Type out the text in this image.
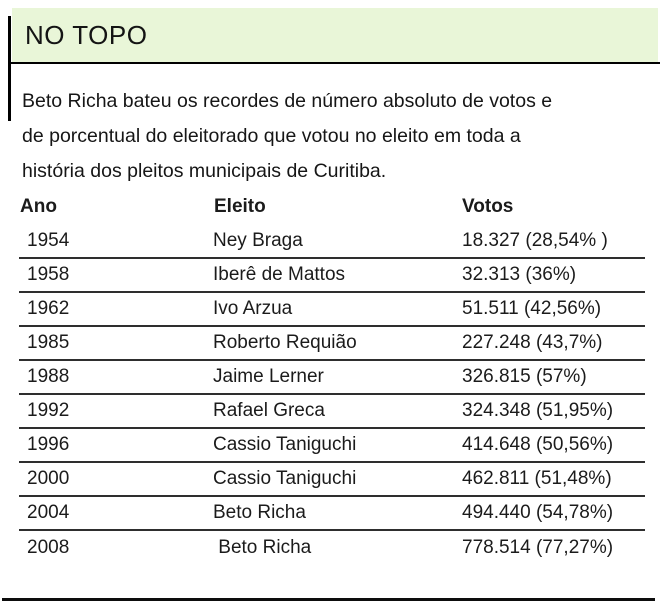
NO TOPO
Beto Richa bateu os recordes de número absoluto de votos e
de porcentual do eleitorado que votou no eleito em toda a
história dos pleitos municipais de Curitiba.
Ano	Eleito	Votos
1954	Ney Braga	18.327 (28,54% )
1958	Iberê de Mattos	32.313 (36%)
1962	Ivo Arzua	51.511 (42,56%)
1985	Roberto Requião	227.248 (43,7%)
1988	Jaime Lerner	326.815 (57%)
1992	Rafael Greca	324.348 (51,95%)
1996	Cassio Taniguchi	414.648 (50,56%)
2000	Cassio Taniguchi	462.811 (51,48%)
2004	Beto Richa	494.440 (54,78%)
2008	Beto Richa	778.514 (77,27%)
